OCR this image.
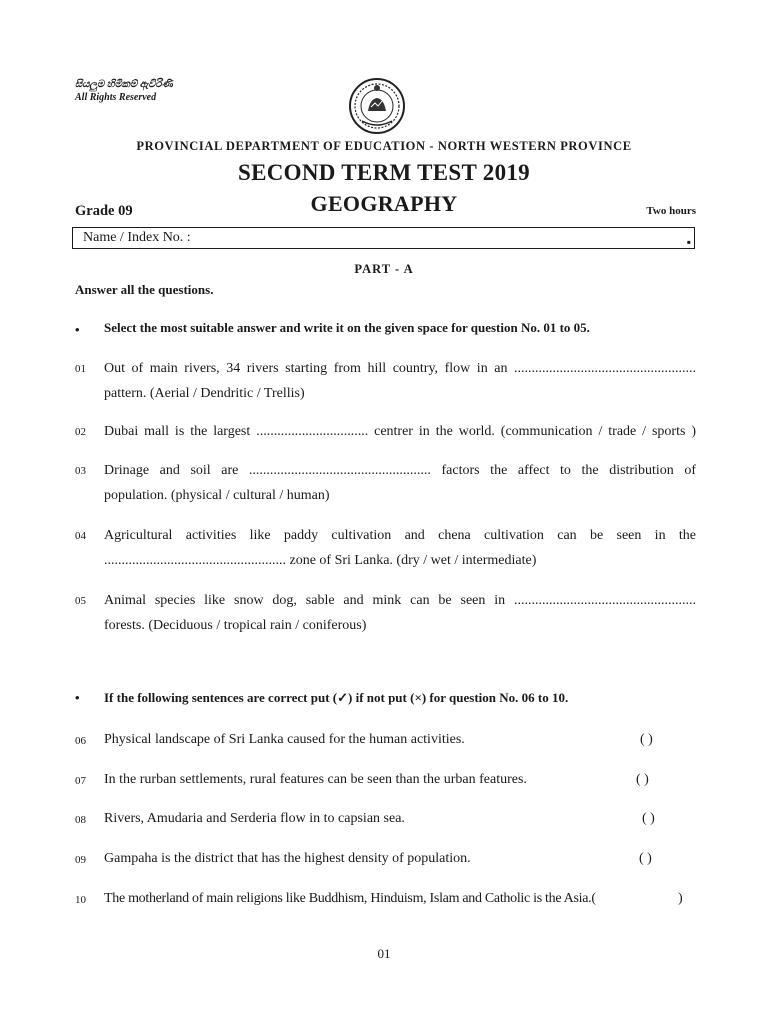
සියලුම හිමිකම් ඇවිරිණි
All Rights Reserved
PROVINCIAL DEPARTMENT OF EDUCATION - NORTH WESTERN PROVINCE
SECOND TERM TEST 2019
GEOGRAPHY
Grade 09	Two hours
Name / Index No. :	▪
PART - A
Answer all the questions.
• Select the most suitable answer and write it on the given space for question No. 01 to 05.
01 Out of main rivers, 34 rivers starting from hill country, flow in an ....................................................
pattern. (Aerial / Dendritic / Trellis)
02 Dubai mall is the largest ................................ centrer in the world. (communication / trade / sports )
03 Drinage and soil are .................................................... factors the affect to the distribution of
population. (physical / cultural / human)
04 Agricultural activities like paddy cultivation and chena cultivation can be seen in the
.................................................... zone of Sri Lanka. (dry / wet / intermediate)
05 Animal species like snow dog, sable and mink can be seen in ....................................................
forests. (Deciduous / tropical rain / coniferous)
• If the following sentences are correct put (✓) if not put (×) for question No. 06 to 10.
06 Physical landscape of Sri Lanka caused for the human activities.	( )
07 In the rurban settlements, rural features can be seen than the urban features.	( )
08 Rivers, Amudaria and Serderia flow in to capsian sea.	( )
09 Gampaha is the district that has the highest density of population.	( )
10 The motherland of main religions like Buddhism, Hinduism, Islam and Catholic is the Asia.(	)
01
